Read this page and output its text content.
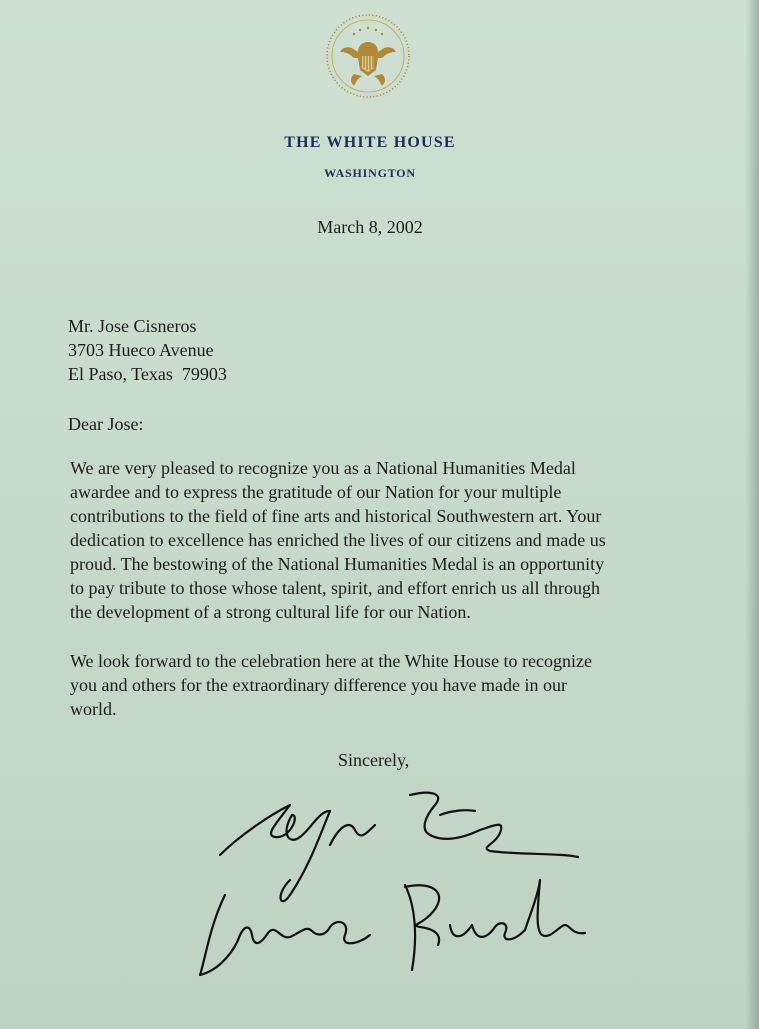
THE WHITE HOUSE
WASHINGTON
March 8, 2002
Mr. Jose Cisneros
3703 Hueco Avenue
El Paso, Texas  79903
Dear Jose:
We are very pleased to recognize you as a National Humanities Medal
awardee and to express the gratitude of our Nation for your multiple
contributions to the field of fine arts and historical Southwestern art. Your
dedication to excellence has enriched the lives of our citizens and made us
proud. The bestowing of the National Humanities Medal is an opportunity
to pay tribute to those whose talent, spirit, and effort enrich us all through
the development of a strong cultural life for our Nation.
We look forward to the celebration here at the White House to recognize
you and others for the extraordinary difference you have made in our
world.
Sincerely,
